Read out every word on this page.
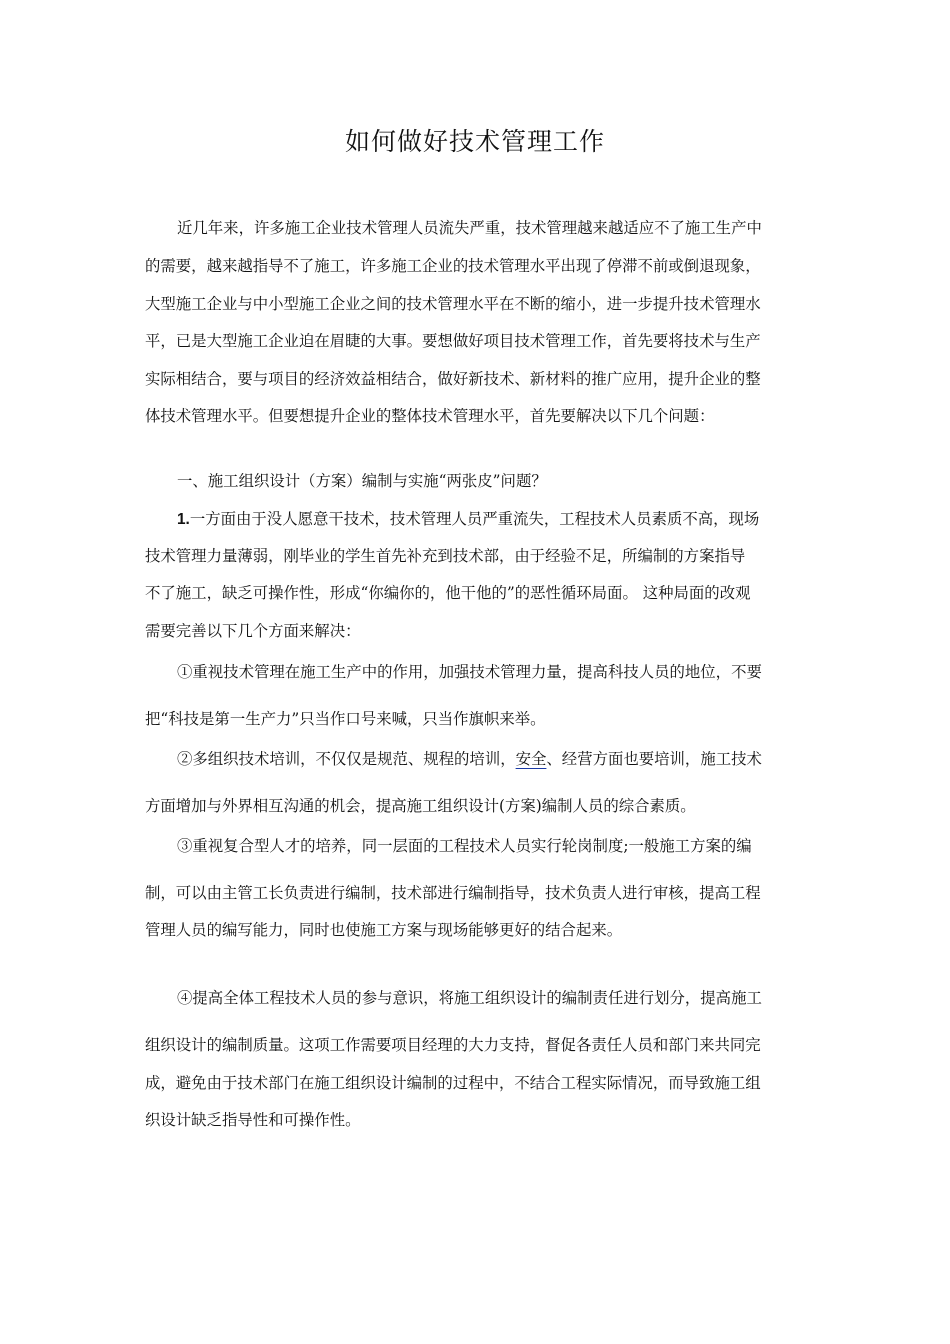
如何做好技术管理工作

近几年来，许多施工企业技术管理人员流失严重，技术管理越来越适应不了施工生产中

的需要，越来越指导不了施工，许多施工企业的技术管理水平出现了停滞不前或倒退现象，

大型施工企业与中小型施工企业之间的技术管理水平在不断的缩小，进一步提升技术管理水

平，已是大型施工企业迫在眉睫的大事。要想做好项目技术管理工作，首先要将技术与生产

实际相结合，要与项目的经济效益相结合，做好新技术、新材料的推广应用，提升企业的整

体技术管理水平。但要想提升企业的整体技术管理水平，首先要解决以下几个问题：

一、施工组织设计（方案）编制与实施“两张皮”问题？

1.一方面由于没人愿意干技术，技术管理人员严重流失，工程技术人员素质不高，现场

技术管理力量薄弱，刚毕业的学生首先补充到技术部，由于经验不足，所编制的方案指导

不了施工，缺乏可操作性，形成“你编你的，他干他的”的恶性循环局面。 这种局面的改观

需要完善以下几个方面来解决：

①重视技术管理在施工生产中的作用，加强技术管理力量，提高科技人员的地位，不要

把“科技是第一生产力”只当作口号来喊，只当作旗帜来举。

②多组织技术培训，不仅仅是规范、规程的培训，安全、经营方面也要培训，施工技术

方面增加与外界相互沟通的机会，提高施工组织设计(方案)编制人员的综合素质。

③重视复合型人才的培养，同一层面的工程技术人员实行轮岗制度;一般施工方案的编

制，可以由主管工长负责进行编制，技术部进行编制指导，技术负责人进行审核，提高工程

管理人员的编写能力，同时也使施工方案与现场能够更好的结合起来。

④提高全体工程技术人员的参与意识，将施工组织设计的编制责任进行划分，提高施工

组织设计的编制质量。这项工作需要项目经理的大力支持，督促各责任人员和部门来共同完

成，避免由于技术部门在施工组织设计编制的过程中，不结合工程实际情况，而导致施工组

织设计缺乏指导性和可操作性。
